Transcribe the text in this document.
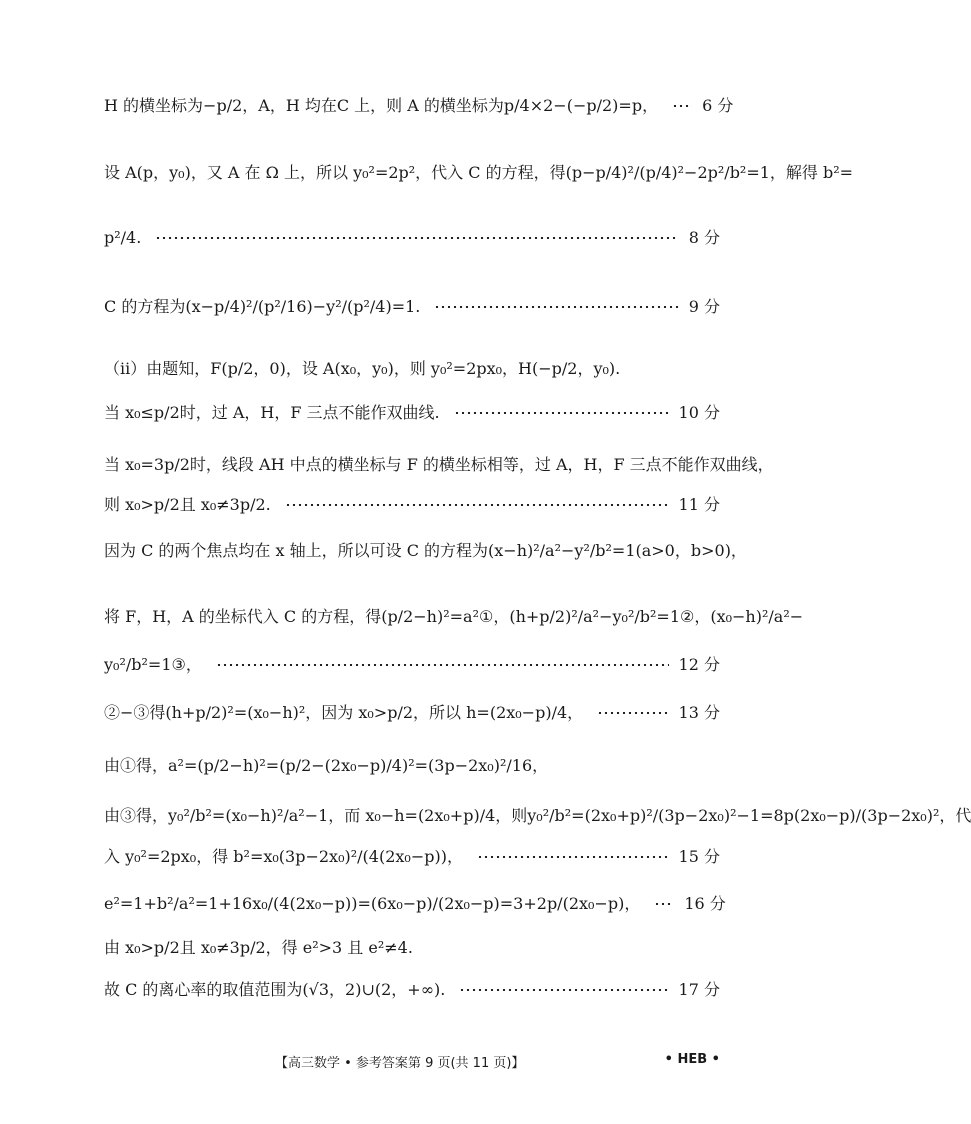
H 的横坐标为−p/2，A，H 均在C 上，则 A 的横坐标为p/4×2−(−p/2)=p，	6 分
设 A(p，y₀)，又 A 在 Ω 上，所以 y₀²=2p²，代入 C 的方程，得(p−p/4)²/(p/4)²−2p²/b²=1，解得 b²=
p²/4.	8 分
C 的方程为(x−p/4)²/(p²/16)−y²/(p²/4)=1.	9 分
（ⅱ）由题知，F(p/2，0)，设 A(x₀，y₀)，则 y₀²=2px₀，H(−p/2，y₀).
当 x₀≤p/2时，过 A，H，F 三点不能作双曲线.	10 分
当 x₀=3p/2时，线段 AH 中点的横坐标与 F 的横坐标相等，过 A，H，F 三点不能作双曲线，
则 x₀>p/2且 x₀≠3p/2.	11 分
因为 C 的两个焦点均在 x 轴上，所以可设 C 的方程为(x−h)²/a²−y²/b²=1(a>0，b>0)，
将 F，H，A 的坐标代入 C 的方程，得(p/2−h)²=a²①，(h+p/2)²/a²−y₀²/b²=1②，(x₀−h)²/a²−
y₀²/b²=1③，	12 分
②−③得(h+p/2)²=(x₀−h)²，因为 x₀>p/2，所以 h=(2x₀−p)/4，	13 分
由①得，a²=(p/2−h)²=(p/2−(2x₀−p)/4)²=(3p−2x₀)²/16，
由③得，y₀²/b²=(x₀−h)²/a²−1，而 x₀−h=(2x₀+p)/4，则y₀²/b²=(2x₀+p)²/(3p−2x₀)²−1=8p(2x₀−p)/(3p−2x₀)²，代
入 y₀²=2px₀，得 b²=x₀(3p−2x₀)²/(4(2x₀−p))，	15 分
e²=1+b²/a²=1+16x₀/(4(2x₀−p))=(6x₀−p)/(2x₀−p)=3+2p/(2x₀−p)，	16 分
由 x₀>p/2且 x₀≠3p/2，得 e²>3 且 e²≠4.
故 C 的离心率的取值范围为(√3，2)∪(2，+∞).	17 分
【高三数学 • 参考答案第 9 页(共 11 页)】	• HEB •
